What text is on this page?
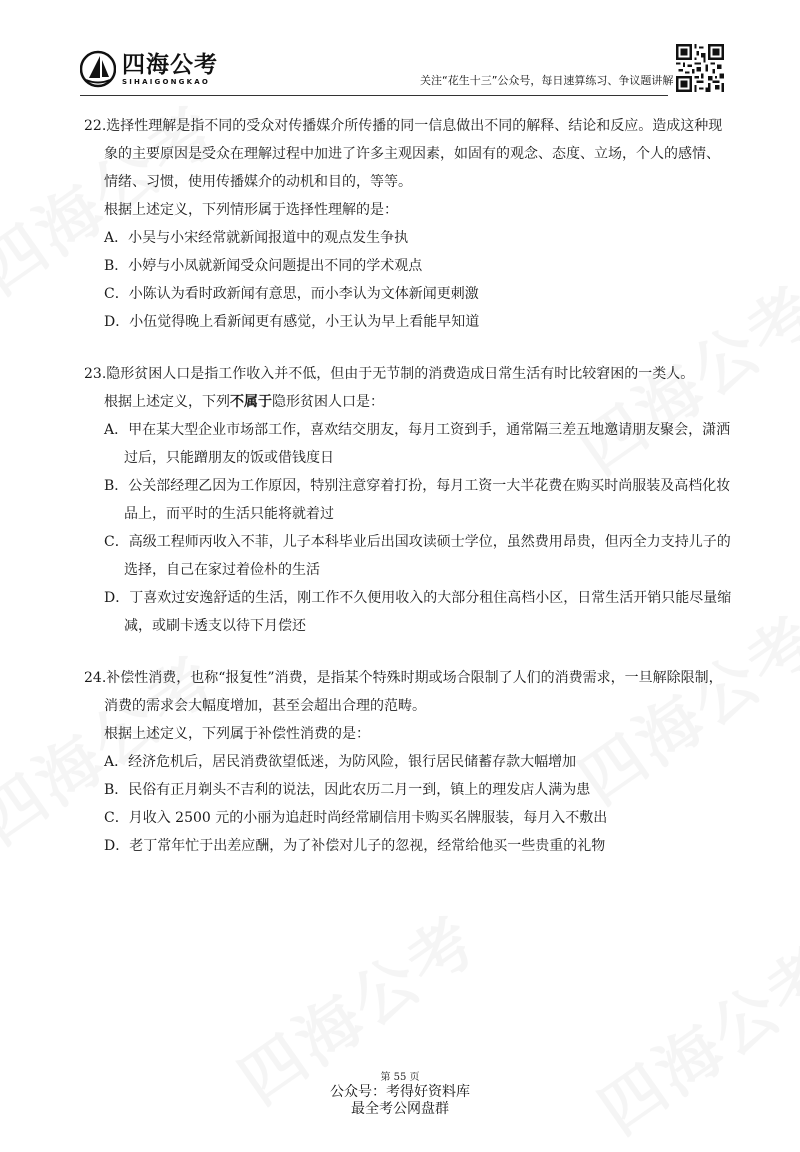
四海公考
SIHAIGONGKAO	关注“花生十三”公众号，每日速算练习、争议题讲解
22.选择性理解是指不同的受众对传播媒介所传播的同一信息做出不同的解释、结论和反应。造成这种现
象的主要原因是受众在理解过程中加进了许多主观因素，如固有的观念、态度、立场，个人的感情、
情绪、习惯，使用传播媒介的动机和目的，等等。
根据上述定义，下列情形属于选择性理解的是：
A．小吴与小宋经常就新闻报道中的观点发生争执
B．小婷与小凤就新闻受众问题提出不同的学术观点
C．小陈认为看时政新闻有意思，而小李认为文体新闻更刺激
D．小伍觉得晚上看新闻更有感觉，小王认为早上看能早知道
23.隐形贫困人口是指工作收入并不低，但由于无节制的消费造成日常生活有时比较窘困的一类人。
根据上述定义，下列不属于隐形贫困人口是：
A．甲在某大型企业市场部工作，喜欢结交朋友，每月工资到手，通常隔三差五地邀请朋友聚会，潇洒过后，只能蹭朋友的饭或借钱度日
B．公关部经理乙因为工作原因，特别注意穿着打扮，每月工资一大半花费在购买时尚服装及高档化妆品上，而平时的生活只能将就着过
C．高级工程师丙收入不菲，儿子本科毕业后出国攻读硕士学位，虽然费用昂贵，但丙全力支持儿子的选择，自己在家过着俭朴的生活
D．丁喜欢过安逸舒适的生活，刚工作不久便用收入的大部分租住高档小区，日常生活开销只能尽量缩减，或刷卡透支以待下月偿还
24.补偿性消费，也称“报复性”消费，是指某个特殊时期或场合限制了人们的消费需求，一旦解除限制，
消费的需求会大幅度增加，甚至会超出合理的范畴。
根据上述定义，下列属于补偿性消费的是：
A．经济危机后，居民消费欲望低迷，为防风险，银行居民储蓄存款大幅增加
B．民俗有正月剃头不吉利的说法，因此农历二月一到，镇上的理发店人满为患
C．月收入 2500 元的小丽为追赶时尚经常刷信用卡购买名牌服装，每月入不敷出
D．老丁常年忙于出差应酬，为了补偿对儿子的忽视，经常给他买一些贵重的礼物
第 55 页
公众号：考得好资料库
最全考公网盘群
